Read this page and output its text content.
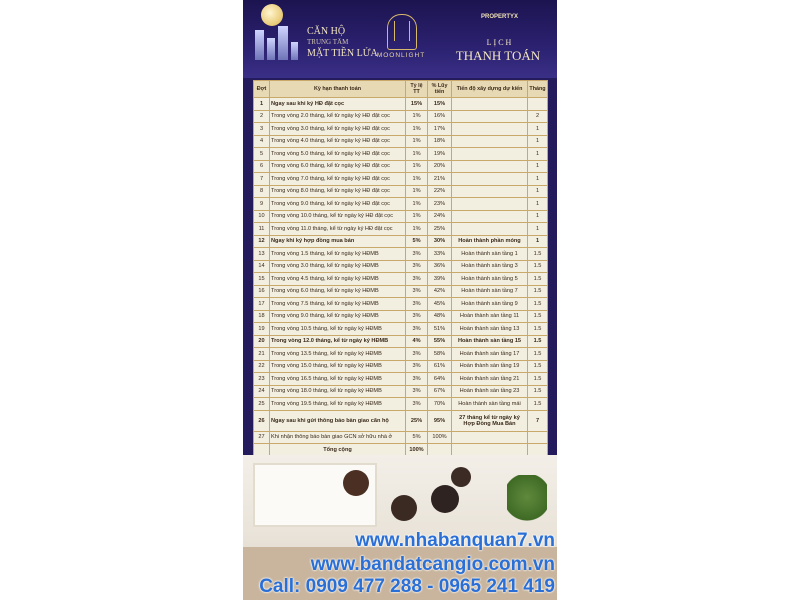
CĂN HỘ
TRUNG TÂM
MẶT TIỀN LỬA MOONLIGHT
PROPERTYX
LỊCH
THANH TOÁN
Đợt	Kỳ hạn thanh toán	Tỷ lệ TT	% Lũy tiến	Tiến độ xây dựng dự kiến	Tháng
1	Ngay sau khi ký HĐ đặt cọc	15%	15%		
2	Trong vòng 2.0 tháng, kể từ ngày ký HĐ đặt cọc	1%	16%		2
3	Trong vòng 3.0 tháng, kể từ ngày ký HĐ đặt cọc	1%	17%		1
4	Trong vòng 4.0 tháng, kể từ ngày ký HĐ đặt cọc	1%	18%		1
5	Trong vòng 5.0 tháng, kể từ ngày ký HĐ đặt cọc	1%	19%		1
6	Trong vòng 6.0 tháng, kể từ ngày ký HĐ đặt cọc	1%	20%		1
7	Trong vòng 7.0 tháng, kể từ ngày ký HĐ đặt cọc	1%	21%		1
8	Trong vòng 8.0 tháng, kể từ ngày ký HĐ đặt cọc	1%	22%		1
9	Trong vòng 9.0 tháng, kể từ ngày ký HĐ đặt cọc	1%	23%		1
10	Trong vòng 10.0 tháng, kể từ ngày ký HĐ đặt cọc	1%	24%		1
11	Trong vòng 11.0 tháng, kể từ ngày ký HĐ đặt cọc	1%	25%		1
12	Ngay khi ký hợp đồng mua bán	5%	30%	Hoàn thành phần móng	1
13	Trong vòng 1.5 tháng, kể từ ngày ký HĐMB	3%	33%	Hoàn thành sàn tầng 1	1.5
14	Trong vòng 3.0 tháng, kể từ ngày ký HĐMB	3%	36%	Hoàn thành sàn tầng 3	1.5
15	Trong vòng 4.5 tháng, kể từ ngày ký HĐMB	3%	39%	Hoàn thành sàn tầng 5	1.5
16	Trong vòng 6.0 tháng, kể từ ngày ký HĐMB	3%	42%	Hoàn thành sàn tầng 7	1.5
17	Trong vòng 7.5 tháng, kể từ ngày ký HĐMB	3%	45%	Hoàn thành sàn tầng 9	1.5
18	Trong vòng 9.0 tháng, kể từ ngày ký HĐMB	3%	48%	Hoàn thành sàn tầng 11	1.5
19	Trong vòng 10.5 tháng, kể từ ngày ký HĐMB	3%	51%	Hoàn thành sàn tầng 13	1.5
20	Trong vòng 12.0 tháng, kể từ ngày ký HĐMB	4%	55%	Hoàn thành sàn tầng 15	1.5
21	Trong vòng 13.5 tháng, kể từ ngày ký HĐMB	3%	58%	Hoàn thành sàn tầng 17	1.5
22	Trong vòng 15.0 tháng, kể từ ngày ký HĐMB	3%	61%	Hoàn thành sàn tầng 19	1.5
23	Trong vòng 16.5 tháng, kể từ ngày ký HĐMB	3%	64%	Hoàn thành sàn tầng 21	1.5
24	Trong vòng 18.0 tháng, kể từ ngày ký HĐMB	3%	67%	Hoàn thành sàn tầng 23	1.5
25	Trong vòng 19.5 tháng, kể từ ngày ký HĐMB	3%	70%	Hoàn thành sàn tầng mái	1.5
26	Ngay sau khi gửi thông báo bàn giao căn hộ	25%	95%	27 tháng kể từ ngày ký Hợp Đồng Mua Bán	7
27	Khi nhận thông báo bàn giao GCN sở hữu nhà ở	5%	100%		
	Tổng cộng	100%			
www.nhabanquan7.vn
www.bandatcangio.com.vn
Call: 0909 477 288 - 0965 241 419
